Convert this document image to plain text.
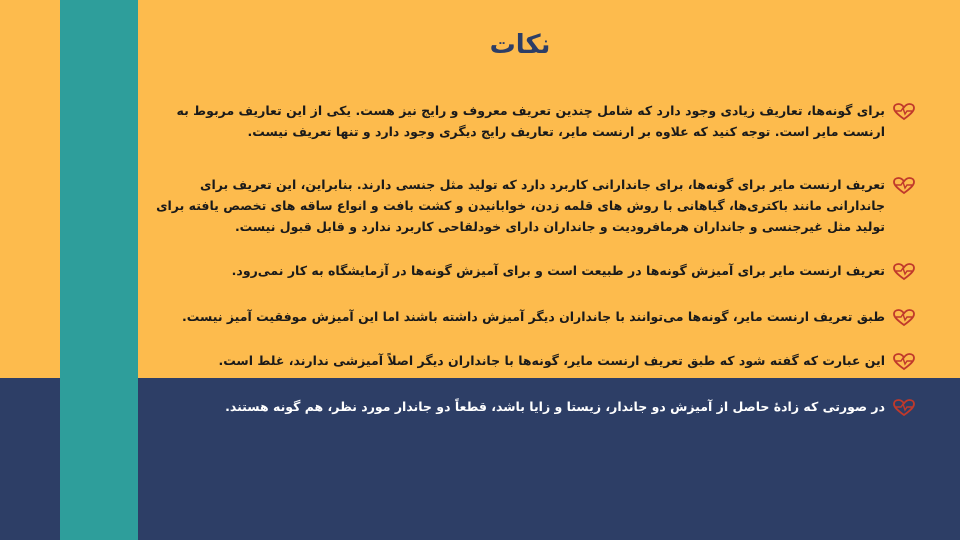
نکات
برای گونه‌ها، تعاریف زیادی وجود دارد که شامل چندین تعریف معروف و رایج نیز هست. یکی از این تعاریف مربوط به ارنست مایر است. توجه کنید که علاوه بر ارنست مایر، تعاریف رایج دیگری وجود دارد و تنها تعریف نیست.
تعریف ارنست مایر برای گونه‌ها، برای جاندارانی کاربرد دارد که تولید مثل جنسی دارند. بنابراین، این تعریف برای جاندارانی مانند باکتری‌ها، گیاهانی با روش های قلمه زدن، خوابانیدن و کشت بافت و انواع ساقه های تخصص یافته برای تولید مثل غیرجنسی و جانداران هرمافرودیت و جانداران دارای خودلقاحی کاربرد ندارد و قابل قبول نیست.
تعریف ارنست مایر برای آمیزش گونه‌ها در طبیعت است و برای آمیزش گونه‌ها در آزمایشگاه به کار نمی‌رود.
طبق تعریف ارنست مایر، گونه‌ها می‌توانند با جانداران دیگر آمیزش داشته باشند اما این آمیزش موفقیت آمیز نیست.
این عبارت که گفته شود که طبق تعریف ارنست مایر، گونه‌ها با جانداران دیگر اصلاً آمیزشی ندارند، غلط است.
در صورتی که زادهٔ حاصل از آمیزش دو جاندار، زیستا و زایا باشد، قطعاً دو جاندار مورد نظر، هم گونه هستند.
